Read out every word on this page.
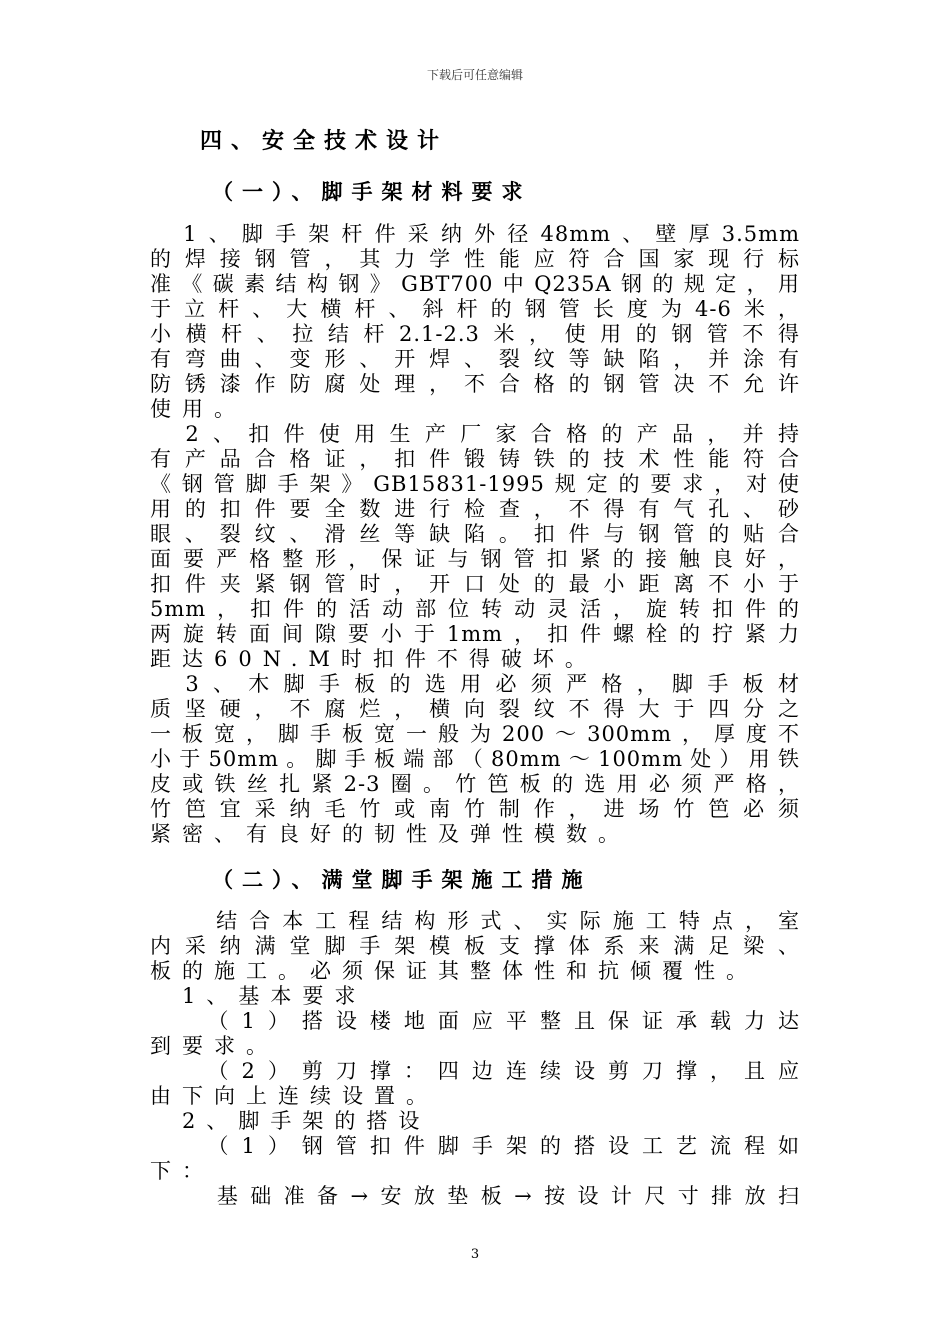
下载后可任意编辑
四、安全技术设计
（一）、脚手架材料要求
　1、脚手架杆件采纳外径48mm、壁厚3.5mm
的焊接钢管，其力学性能应符合国家现行标
准《碳素结构钢》GBT700中Q235A钢的规定，用
于立杆、大横杆、斜杆的钢管长度为4-6米，
小横杆、拉结杆2.1-2.3米，使用的钢管不得
有弯曲、变形、开焊、裂纹等缺陷，并涂有
防锈漆作防腐处理，不合格的钢管决不允许
使用。
　2、扣件使用生产厂家合格的产品，并持
有产品合格证，扣件锻铸铁的技术性能符合
《钢管脚手架》GB15831-1995规定的要求，对使
用的扣件要全数进行检查，不得有气孔、砂
眼、裂纹、滑丝等缺陷。扣件与钢管的贴合
面要严格整形，保证与钢管扣紧的接触良好，
扣件夹紧钢管时，开口处的最小距离不小于
5mm，扣件的活动部位转动灵活，旋转扣件的
两旋转面间隙要小于1mm，扣件螺栓的拧紧力
距达60N.M时扣件不得破坏。
　3、木脚手板的选用必须严格，脚手板材
质坚硬，不腐烂，横向裂纹不得大于四分之
一板宽，脚手板宽一般为200～300mm，厚度不
小于50mm。脚手板端部（80mm～100mm处）用铁
皮或铁丝扎紧2-3圈。竹笆板的选用必须严格，
竹笆宜采纳毛竹或南竹制作，进场竹笆必须
紧密、有良好的韧性及弹性模数。
（二）、满堂脚手架施工措施
　　结合本工程结构形式、实际施工特点，室
内采纳满堂脚手架模板支撑体系来满足梁、
板的施工。必须保证其整体性和抗倾覆性。
　1、基本要求
　　（1）搭设楼地面应平整且保证承载力达
到要求。
　　（2）剪刀撑：四边连续设剪刀撑，且应
由下向上连续设置。
　2、脚手架的搭设
　　（1）钢管扣件脚手架的搭设工艺流程如
下：
　　基础准备→安放垫板→按设计尺寸排放扫
3
